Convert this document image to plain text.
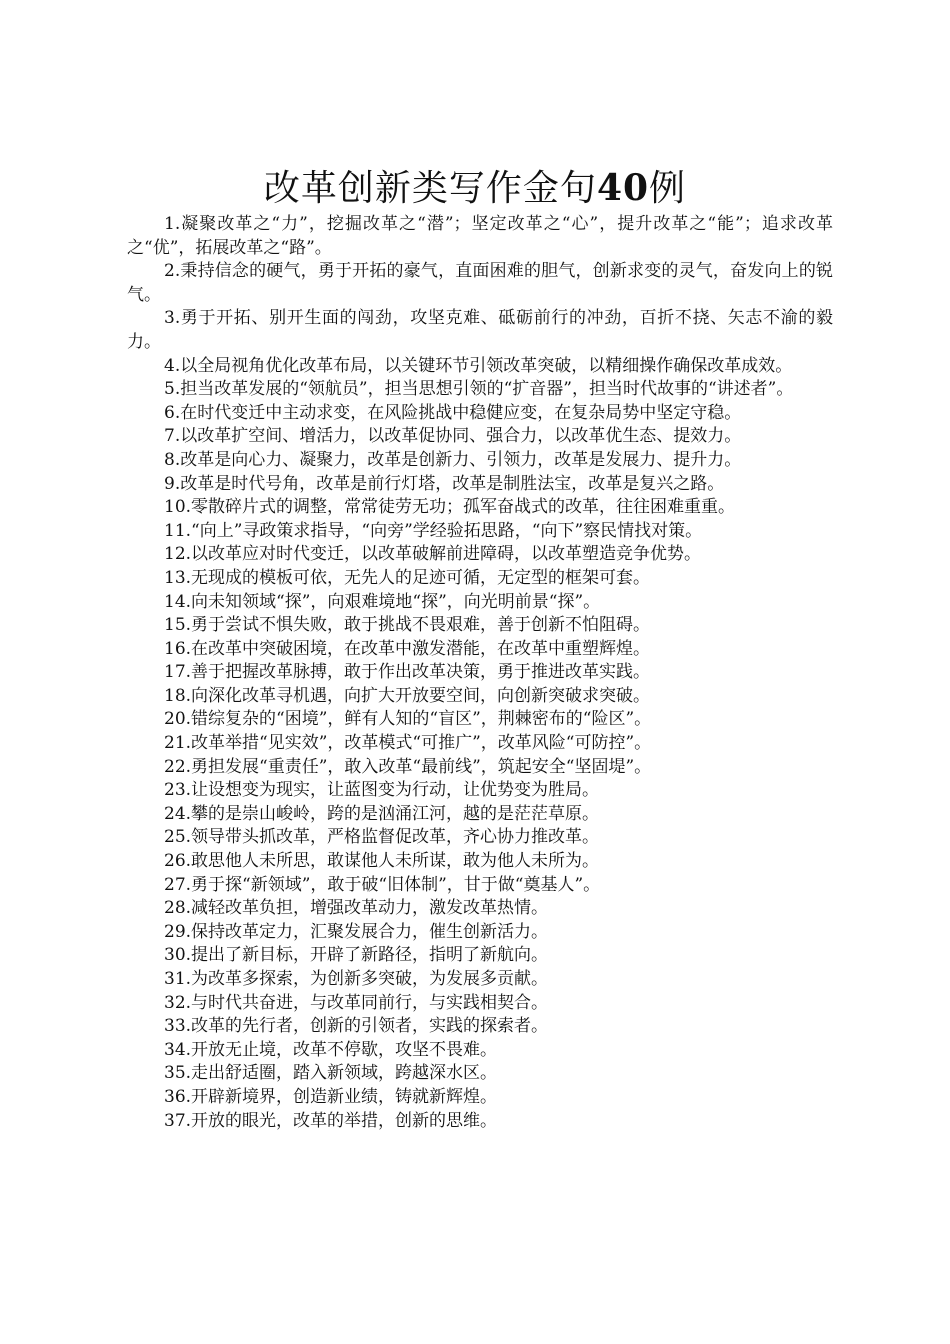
改革创新类写作金句40例

1.凝聚改革之“力”，挖掘改革之“潜”；坚定改革之“心”，提升改革之“能”；追求改革之“优”，拓展改革之“路”。

2.秉持信念的硬气，勇于开拓的豪气，直面困难的胆气，创新求变的灵气，奋发向上的锐气。

3.勇于开拓、别开生面的闯劲，攻坚克难、砥砺前行的冲劲，百折不挠、矢志不渝的毅力。

4.以全局视角优化改革布局，以关键环节引领改革突破，以精细操作确保改革成效。

5.担当改革发展的“领航员”，担当思想引领的“扩音器”，担当时代故事的“讲述者”。

6.在时代变迁中主动求变，在风险挑战中稳健应变，在复杂局势中坚定守稳。

7.以改革扩空间、增活力，以改革促协同、强合力，以改革优生态、提效力。

8.改革是向心力、凝聚力，改革是创新力、引领力，改革是发展力、提升力。

9.改革是时代号角，改革是前行灯塔，改革是制胜法宝，改革是复兴之路。

10.零散碎片式的调整，常常徒劳无功；孤军奋战式的改革，往往困难重重。

11.“向上”寻政策求指导，“向旁”学经验拓思路，“向下”察民情找对策。

12.以改革应对时代变迁，以改革破解前进障碍，以改革塑造竞争优势。

13.无现成的模板可依，无先人的足迹可循，无定型的框架可套。

14.向未知领域“探”，向艰难境地“探”，向光明前景“探”。

15.勇于尝试不惧失败，敢于挑战不畏艰难，善于创新不怕阻碍。

16.在改革中突破困境，在改革中激发潜能，在改革中重塑辉煌。

17.善于把握改革脉搏，敢于作出改革决策，勇于推进改革实践。

18.向深化改革寻机遇，向扩大开放要空间，向创新突破求突破。

20.错综复杂的“困境”，鲜有人知的“盲区”，荆棘密布的“险区”。

21.改革举措“见实效”，改革模式“可推广”，改革风险“可防控”。

22.勇担发展“重责任”，敢入改革“最前线”，筑起安全“坚固堤”。

23.让设想变为现实，让蓝图变为行动，让优势变为胜局。

24.攀的是崇山峻岭，跨的是汹涌江河，越的是茫茫草原。

25.领导带头抓改革，严格监督促改革，齐心协力推改革。

26.敢思他人未所思，敢谋他人未所谋，敢为他人未所为。

27.勇于探“新领域”，敢于破“旧体制”，甘于做“奠基人”。

28.减轻改革负担，增强改革动力，激发改革热情。

29.保持改革定力，汇聚发展合力，催生创新活力。

30.提出了新目标，开辟了新路径，指明了新航向。

31.为改革多探索，为创新多突破，为发展多贡献。

32.与时代共奋进，与改革同前行，与实践相契合。

33.改革的先行者，创新的引领者，实践的探索者。

34.开放无止境，改革不停歇，攻坚不畏难。

35.走出舒适圈，踏入新领域，跨越深水区。

36.开辟新境界，创造新业绩，铸就新辉煌。

37.开放的眼光，改革的举措，创新的思维。
